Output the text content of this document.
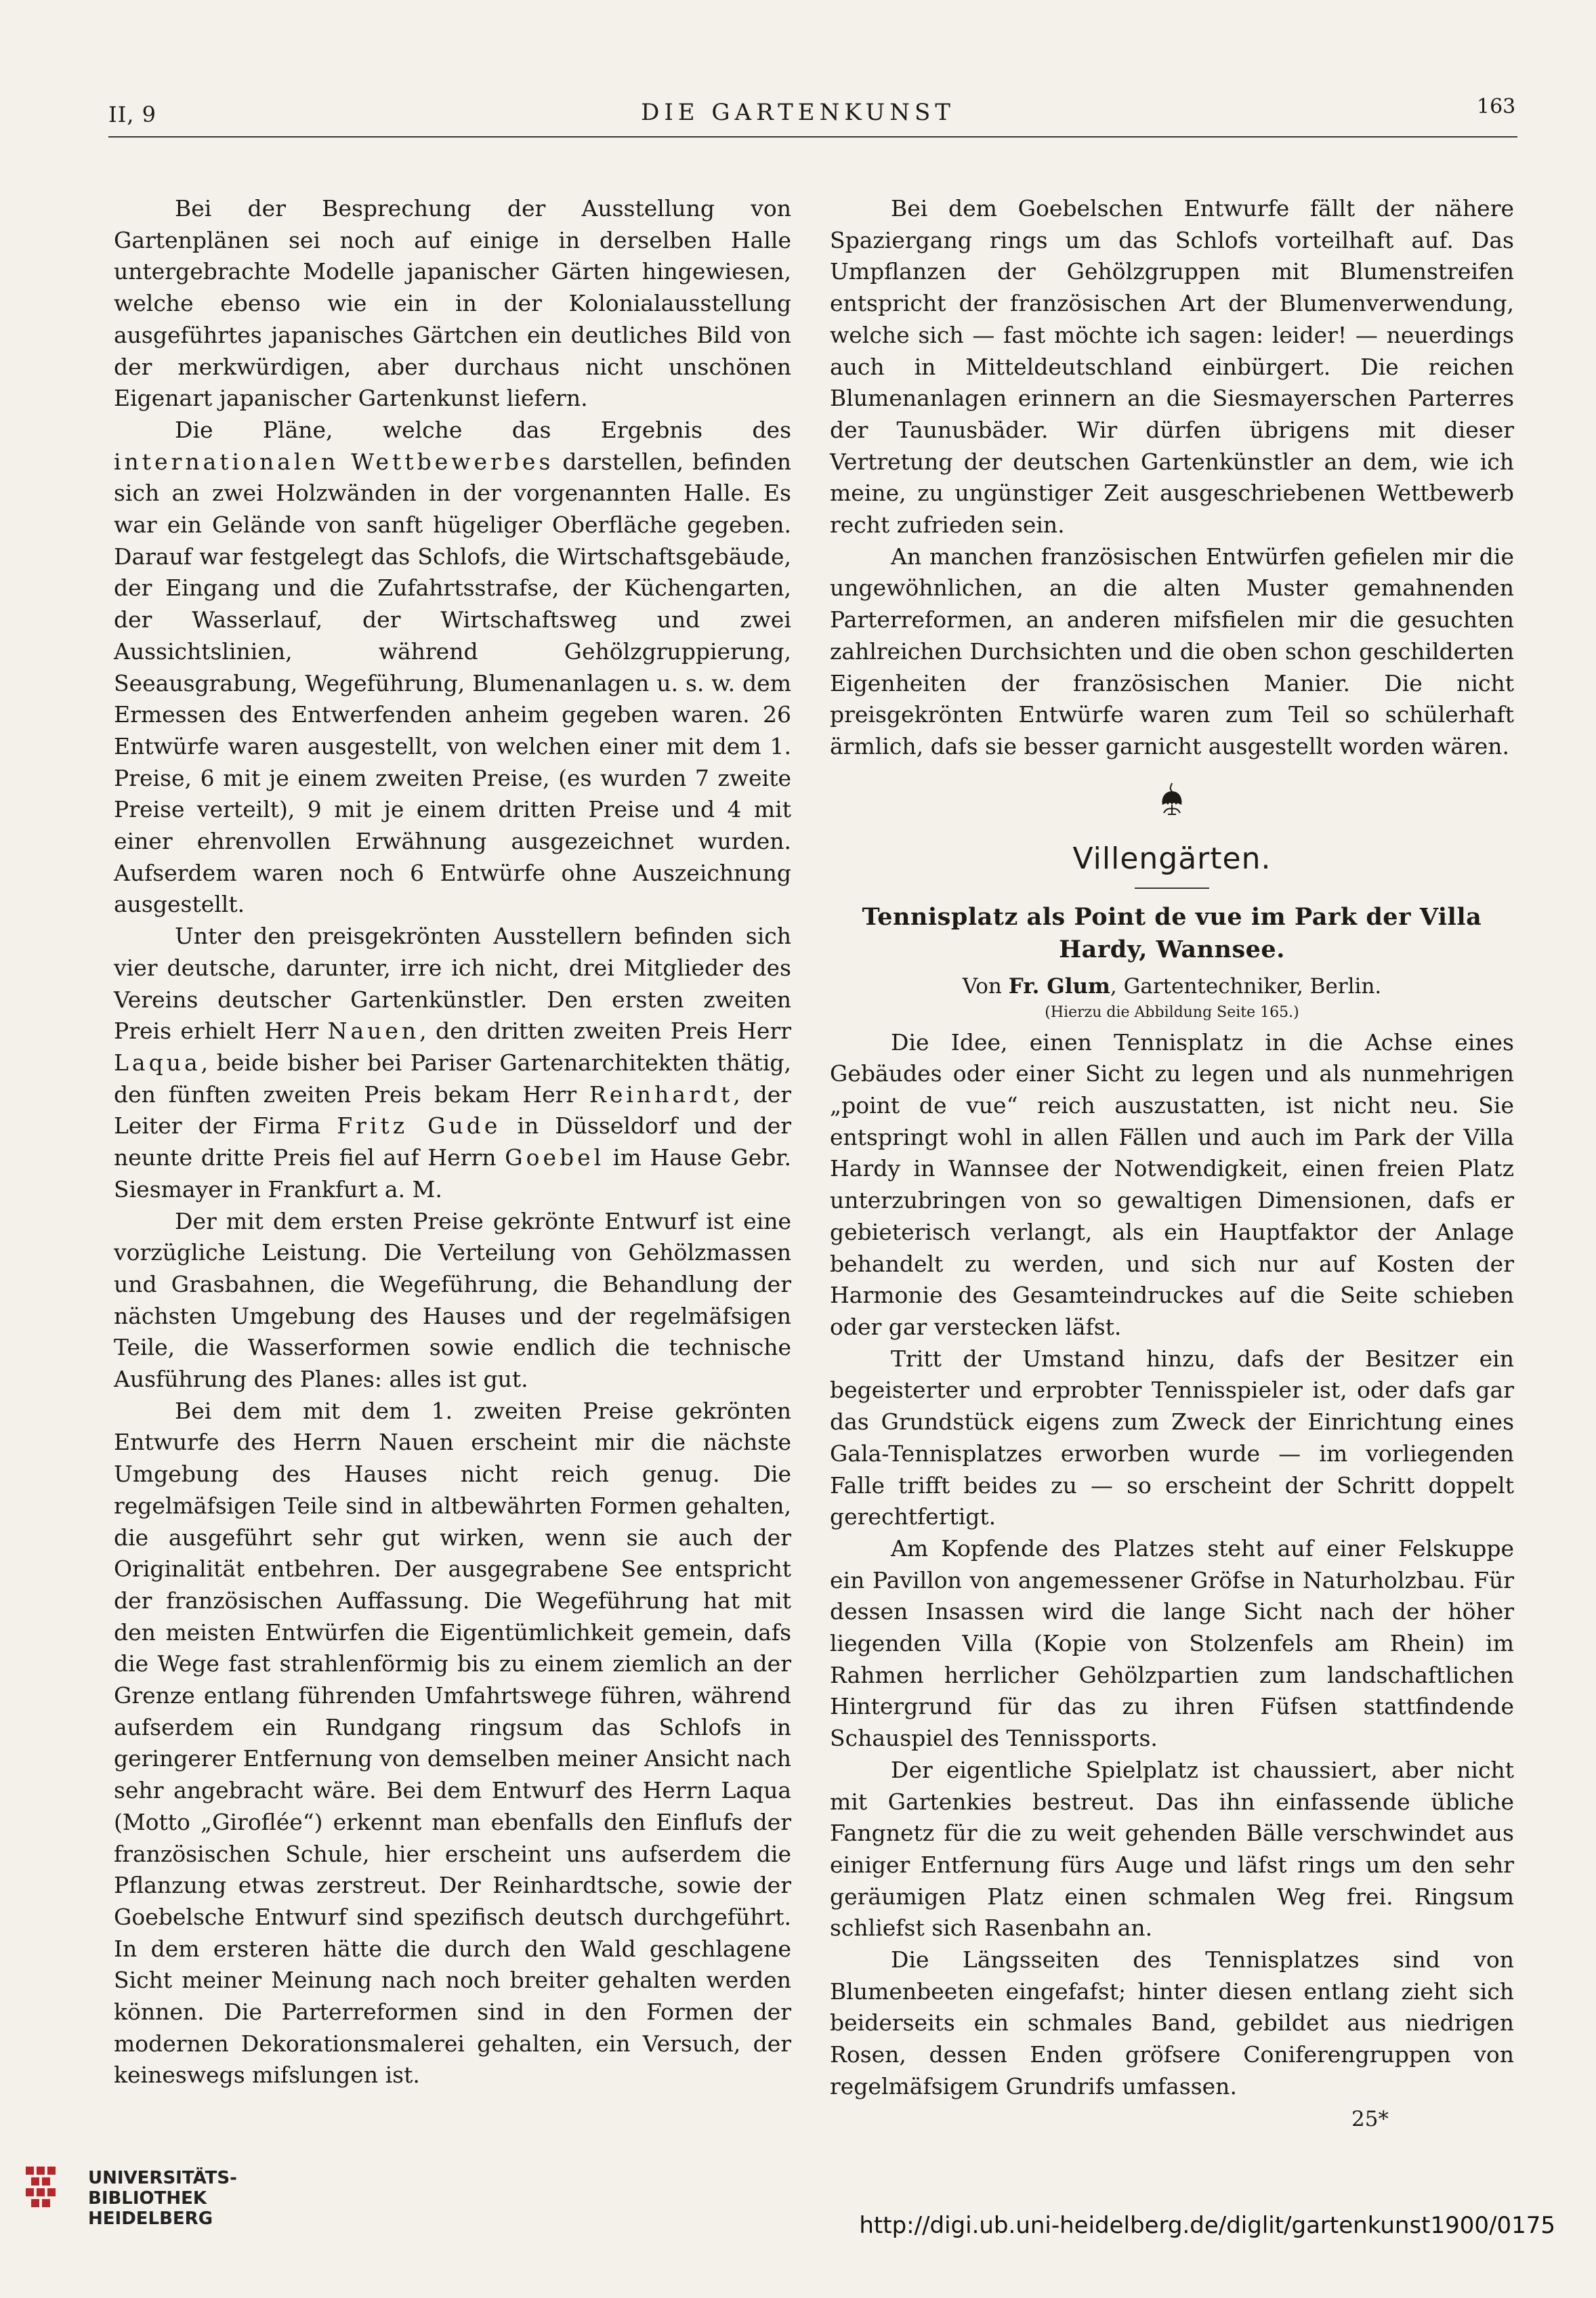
II, 9	DIE GARTENKUNST	163

Bei der Besprechung der Ausstellung von Gartenplänen sei noch auf einige in derselben Halle untergebrachte Modelle japanischer Gärten hingewiesen, welche ebenso wie ein in der Kolonialausstellung ausgeführtes japanisches Gärtchen ein deutliches Bild von der merkwürdigen, aber durchaus nicht unschönen Eigenart japanischer Gartenkunst liefern.

Die Pläne, welche das Ergebnis des internationalen Wettbewerbes darstellen, befinden sich an zwei Holzwänden in der vorgenannten Halle. Es war ein Gelände von sanft hügeliger Oberfläche gegeben. Darauf war festgelegt das Schlofs, die Wirtschaftsgebäude, der Eingang und die Zufahrtsstrafse, der Küchengarten, der Wasserlauf, der Wirtschaftsweg und zwei Aussichtslinien, während Gehölzgruppierung, Seeausgrabung, Wegeführung, Blumenanlagen u. s. w. dem Ermessen des Entwerfenden anheim gegeben waren. 26 Entwürfe waren ausgestellt, von welchen einer mit dem 1. Preise, 6 mit je einem zweiten Preise, (es wurden 7 zweite Preise verteilt), 9 mit je einem dritten Preise und 4 mit einer ehrenvollen Erwähnung ausgezeichnet wurden. Aufserdem waren noch 6 Entwürfe ohne Auszeichnung ausgestellt.

Unter den preisgekrönten Ausstellern befinden sich vier deutsche, darunter, irre ich nicht, drei Mitglieder des Vereins deutscher Gartenkünstler. Den ersten zweiten Preis erhielt Herr Nauen, den dritten zweiten Preis Herr Laqua, beide bisher bei Pariser Gartenarchitekten thätig, den fünften zweiten Preis bekam Herr Reinhardt, der Leiter der Firma Fritz Gude in Düsseldorf und der neunte dritte Preis fiel auf Herrn Goebel im Hause Gebr. Siesmayer in Frankfurt a. M.

Der mit dem ersten Preise gekrönte Entwurf ist eine vorzügliche Leistung. Die Verteilung von Gehölzmassen und Grasbahnen, die Wegeführung, die Behandlung der nächsten Umgebung des Hauses und der regelmäfsigen Teile, die Wasserformen sowie endlich die technische Ausführung des Planes: alles ist gut.

Bei dem mit dem 1. zweiten Preise gekrönten Entwurfe des Herrn Nauen erscheint mir die nächste Umgebung des Hauses nicht reich genug. Die regelmäfsigen Teile sind in altbewährten Formen gehalten, die ausgeführt sehr gut wirken, wenn sie auch der Originalität entbehren. Der ausgegrabene See entspricht der französischen Auffassung. Die Wegeführung hat mit den meisten Entwürfen die Eigentümlichkeit gemein, dafs die Wege fast strahlenförmig bis zu einem ziemlich an der Grenze entlang führenden Umfahrtswege führen, während aufserdem ein Rundgang ringsum das Schlofs in geringerer Entfernung von demselben meiner Ansicht nach sehr angebracht wäre. Bei dem Entwurf des Herrn Laqua (Motto „Giroflée“) erkennt man ebenfalls den Einflufs der französischen Schule, hier erscheint uns aufserdem die Pflanzung etwas zerstreut. Der Reinhardtsche, sowie der Goebelsche Entwurf sind spezifisch deutsch durchgeführt. In dem ersteren hätte die durch den Wald geschlagene Sicht meiner Meinung nach noch breiter gehalten werden können. Die Parterreformen sind in den Formen der modernen Dekorationsmalerei gehalten, ein Versuch, der keineswegs mifslungen ist.

Bei dem Goebelschen Entwurfe fällt der nähere Spaziergang rings um das Schlofs vorteilhaft auf. Das Umpflanzen der Gehölzgruppen mit Blumenstreifen entspricht der französischen Art der Blumenverwendung, welche sich — fast möchte ich sagen: leider! — neuerdings auch in Mitteldeutschland einbürgert. Die reichen Blumenanlagen erinnern an die Siesmayerschen Parterres der Taunusbäder. Wir dürfen übrigens mit dieser Vertretung der deutschen Gartenkünstler an dem, wie ich meine, zu ungünstiger Zeit ausgeschriebenen Wettbewerb recht zufrieden sein.

An manchen französischen Entwürfen gefielen mir die ungewöhnlichen, an die alten Muster gemahnenden Parterreformen, an anderen mifsfielen mir die gesuchten zahlreichen Durchsichten und die oben schon geschilderten Eigenheiten der französischen Manier. Die nicht preisgekrönten Entwürfe waren zum Teil so schülerhaft ärmlich, dafs sie besser garnicht ausgestellt worden wären.

Villengärten.
Tennisplatz als Point de vue im Park der Villa Hardy, Wannsee.
Von Fr. Glum, Gartentechniker, Berlin.
(Hierzu die Abbildung Seite 165.)

Die Idee, einen Tennisplatz in die Achse eines Gebäudes oder einer Sicht zu legen und als nunmehrigen „point de vue“ reich auszustatten, ist nicht neu. Sie entspringt wohl in allen Fällen und auch im Park der Villa Hardy in Wannsee der Notwendigkeit, einen freien Platz unterzubringen von so gewaltigen Dimensionen, dafs er gebieterisch verlangt, als ein Hauptfaktor der Anlage behandelt zu werden, und sich nur auf Kosten der Harmonie des Gesamteindruckes auf die Seite schieben oder gar verstecken läfst.

Tritt der Umstand hinzu, dafs der Besitzer ein begeisterter und erprobter Tennisspieler ist, oder dafs gar das Grundstück eigens zum Zweck der Einrichtung eines Gala-Tennisplatzes erworben wurde — im vorliegenden Falle trifft beides zu — so erscheint der Schritt doppelt gerechtfertigt.

Am Kopfende des Platzes steht auf einer Felskuppe ein Pavillon von angemessener Gröfse in Naturholzbau. Für dessen Insassen wird die lange Sicht nach der höher liegenden Villa (Kopie von Stolzenfels am Rhein) im Rahmen herrlicher Gehölzpartien zum landschaftlichen Hintergrund für das zu ihren Füfsen stattfindende Schauspiel des Tennissports.

Der eigentliche Spielplatz ist chaussiert, aber nicht mit Gartenkies bestreut. Das ihn einfassende übliche Fangnetz für die zu weit gehenden Bälle verschwindet aus einiger Entfernung fürs Auge und läfst rings um den sehr geräumigen Platz einen schmalen Weg frei. Ringsum schliefst sich Rasenbahn an.

Die Längsseiten des Tennisplatzes sind von Blumenbeeten eingefafst; hinter diesen entlang zieht sich beiderseits ein schmales Band, gebildet aus niedrigen Rosen, dessen Enden gröfsere Coniferengruppen von regelmäfsigem Grundrifs umfassen.

25*
UNIVERSITÄTS-
BIBLIOTHEK
HEIDELBERG	http://digi.ub.uni-heidelberg.de/diglit/gartenkunst1900/0175
